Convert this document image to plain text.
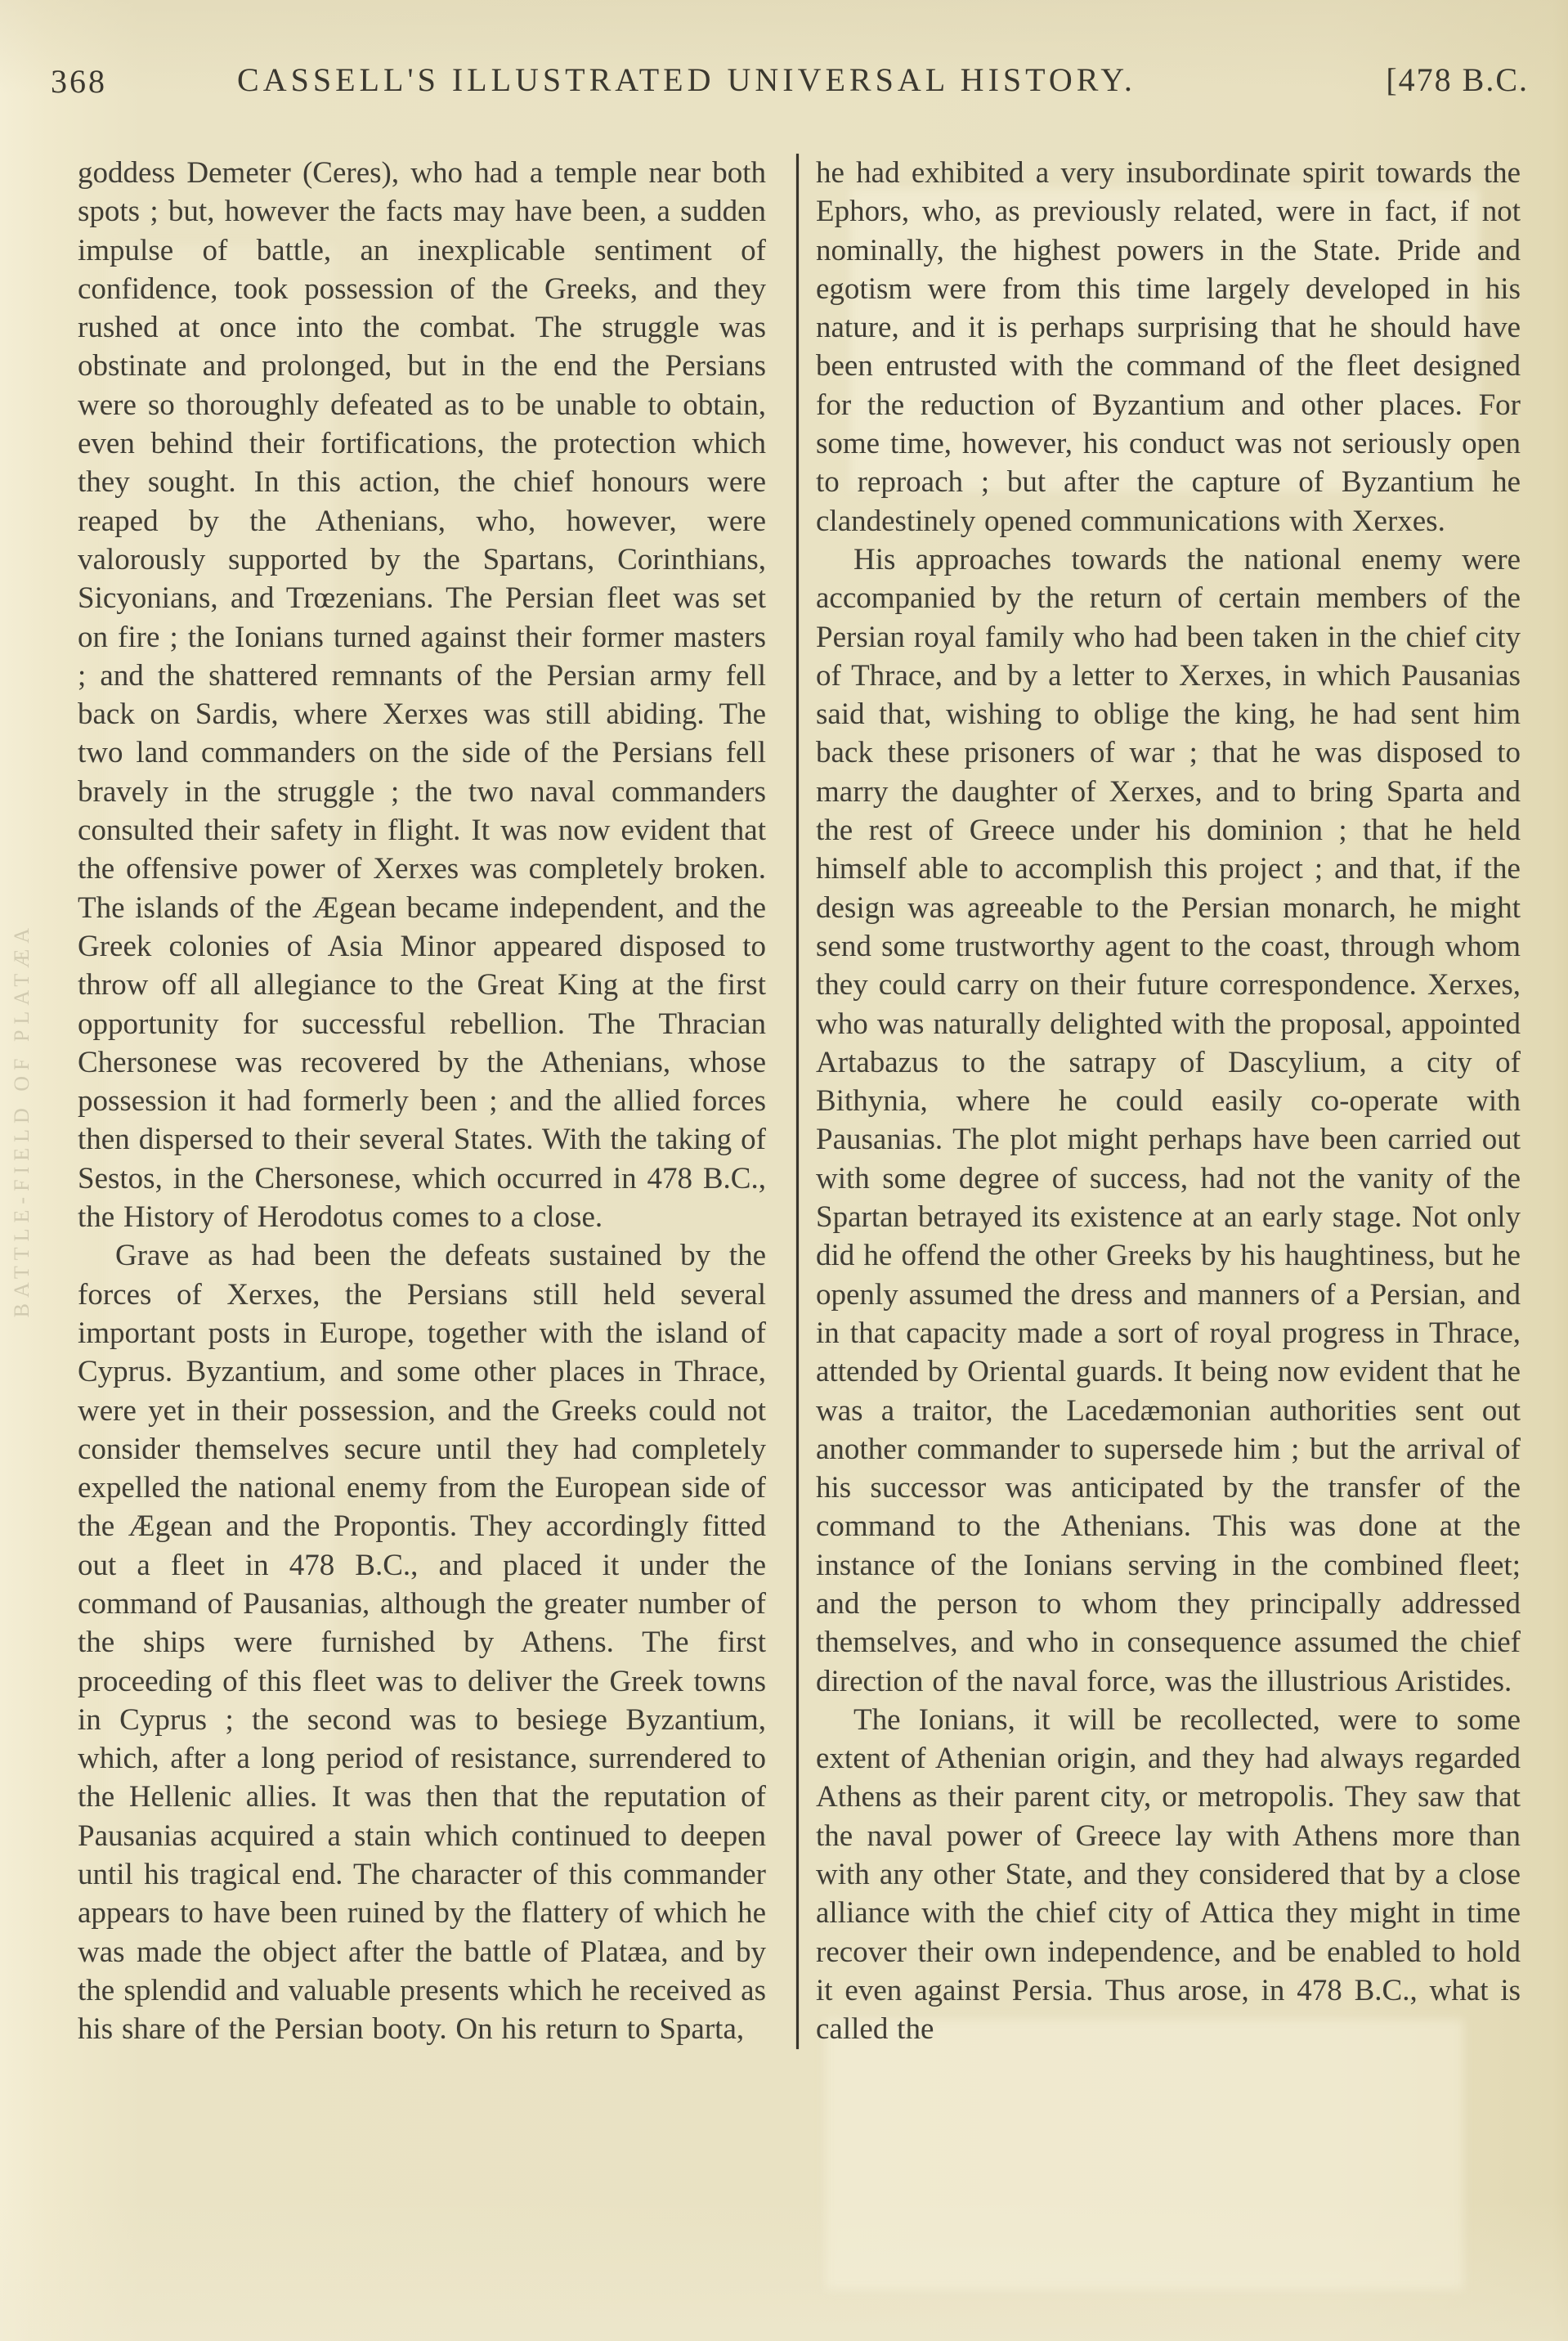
368	CASSELL'S ILLUSTRATED UNIVERSAL HISTORY.	[478 B.C.
BATTLE-FIELD OF PLATÆA

goddess Demeter (Ceres), who had a temple near both spots ; but, however the facts may have been, a sudden impulse of battle, an inexplicable sentiment of confidence, took possession of the Greeks, and they rushed at once into the combat. The struggle was obstinate and prolonged, but in the end the Persians were so thoroughly defeated as to be unable to obtain, even behind their fortifications, the protection which they sought. In this action, the chief honours were reaped by the Athenians, who, however, were valorously supported by the Spartans, Corinthians, Sicyonians, and Trœzenians. The Persian fleet was set on fire ; the Ionians turned against their former masters ; and the shattered remnants of the Persian army fell back on Sardis, where Xerxes was still abiding. The two land commanders on the side of the Persians fell bravely in the struggle ; the two naval commanders consulted their safety in flight. It was now evident that the offensive power of Xerxes was completely broken. The islands of the Ægean became independent, and the Greek colonies of Asia Minor appeared disposed to throw off all allegiance to the Great King at the first opportunity for successful rebellion. The Thracian Chersonese was recovered by the Athenians, whose possession it had formerly been ; and the allied forces then dispersed to their several States. With the taking of Sestos, in the Chersonese, which occurred in 478 B.C., the History of Herodotus comes to a close.

Grave as had been the defeats sustained by the forces of Xerxes, the Persians still held several important posts in Europe, together with the island of Cyprus. Byzantium, and some other places in Thrace, were yet in their possession, and the Greeks could not consider themselves secure until they had completely expelled the national enemy from the European side of the Ægean and the Propontis. They accordingly fitted out a fleet in 478 B.C., and placed it under the command of Pausanias, although the greater number of the ships were furnished by Athens. The first proceeding of this fleet was to deliver the Greek towns in Cyprus ; the second was to besiege Byzantium, which, after a long period of resistance, surrendered to the Hellenic allies. It was then that the reputation of Pausanias acquired a stain which continued to deepen until his tragical end. The character of this commander appears to have been ruined by the flattery of which he was made the object after the battle of Platæa, and by the splendid and valuable presents which he received as his share of the Persian booty. On his return to Sparta,

he had exhibited a very insubordinate spirit towards the Ephors, who, as previously related, were in fact, if not nominally, the highest powers in the State. Pride and egotism were from this time largely developed in his nature, and it is perhaps surprising that he should have been entrusted with the command of the fleet designed for the reduction of Byzantium and other places. For some time, however, his conduct was not seriously open to reproach ; but after the capture of Byzantium he clandestinely opened communications with Xerxes.

His approaches towards the national enemy were accompanied by the return of certain members of the Persian royal family who had been taken in the chief city of Thrace, and by a letter to Xerxes, in which Pausanias said that, wishing to oblige the king, he had sent him back these prisoners of war ; that he was disposed to marry the daughter of Xerxes, and to bring Sparta and the rest of Greece under his dominion ; that he held himself able to accomplish this project ; and that, if the design was agreeable to the Persian monarch, he might send some trustworthy agent to the coast, through whom they could carry on their future correspondence. Xerxes, who was naturally delighted with the proposal, appointed Artabazus to the satrapy of Dascylium, a city of Bithynia, where he could easily co-operate with Pausanias. The plot might perhaps have been carried out with some degree of success, had not the vanity of the Spartan betrayed its existence at an early stage. Not only did he offend the other Greeks by his haughtiness, but he openly assumed the dress and manners of a Persian, and in that capacity made a sort of royal progress in Thrace, attended by Oriental guards. It being now evident that he was a traitor, the Lacedæmonian authorities sent out another commander to supersede him ; but the arrival of his successor was anticipated by the transfer of the command to the Athenians. This was done at the instance of the Ionians serving in the combined fleet; and the person to whom they principally addressed themselves, and who in consequence assumed the chief direction of the naval force, was the illustrious Aristides.

The Ionians, it will be recollected, were to some extent of Athenian origin, and they had always regarded Athens as their parent city, or metropolis. They saw that the naval power of Greece lay with Athens more than with any other State, and they considered that by a close alliance with the chief city of Attica they might in time recover their own independence, and be enabled to hold it even against Persia. Thus arose, in 478 B.C., what is called the
